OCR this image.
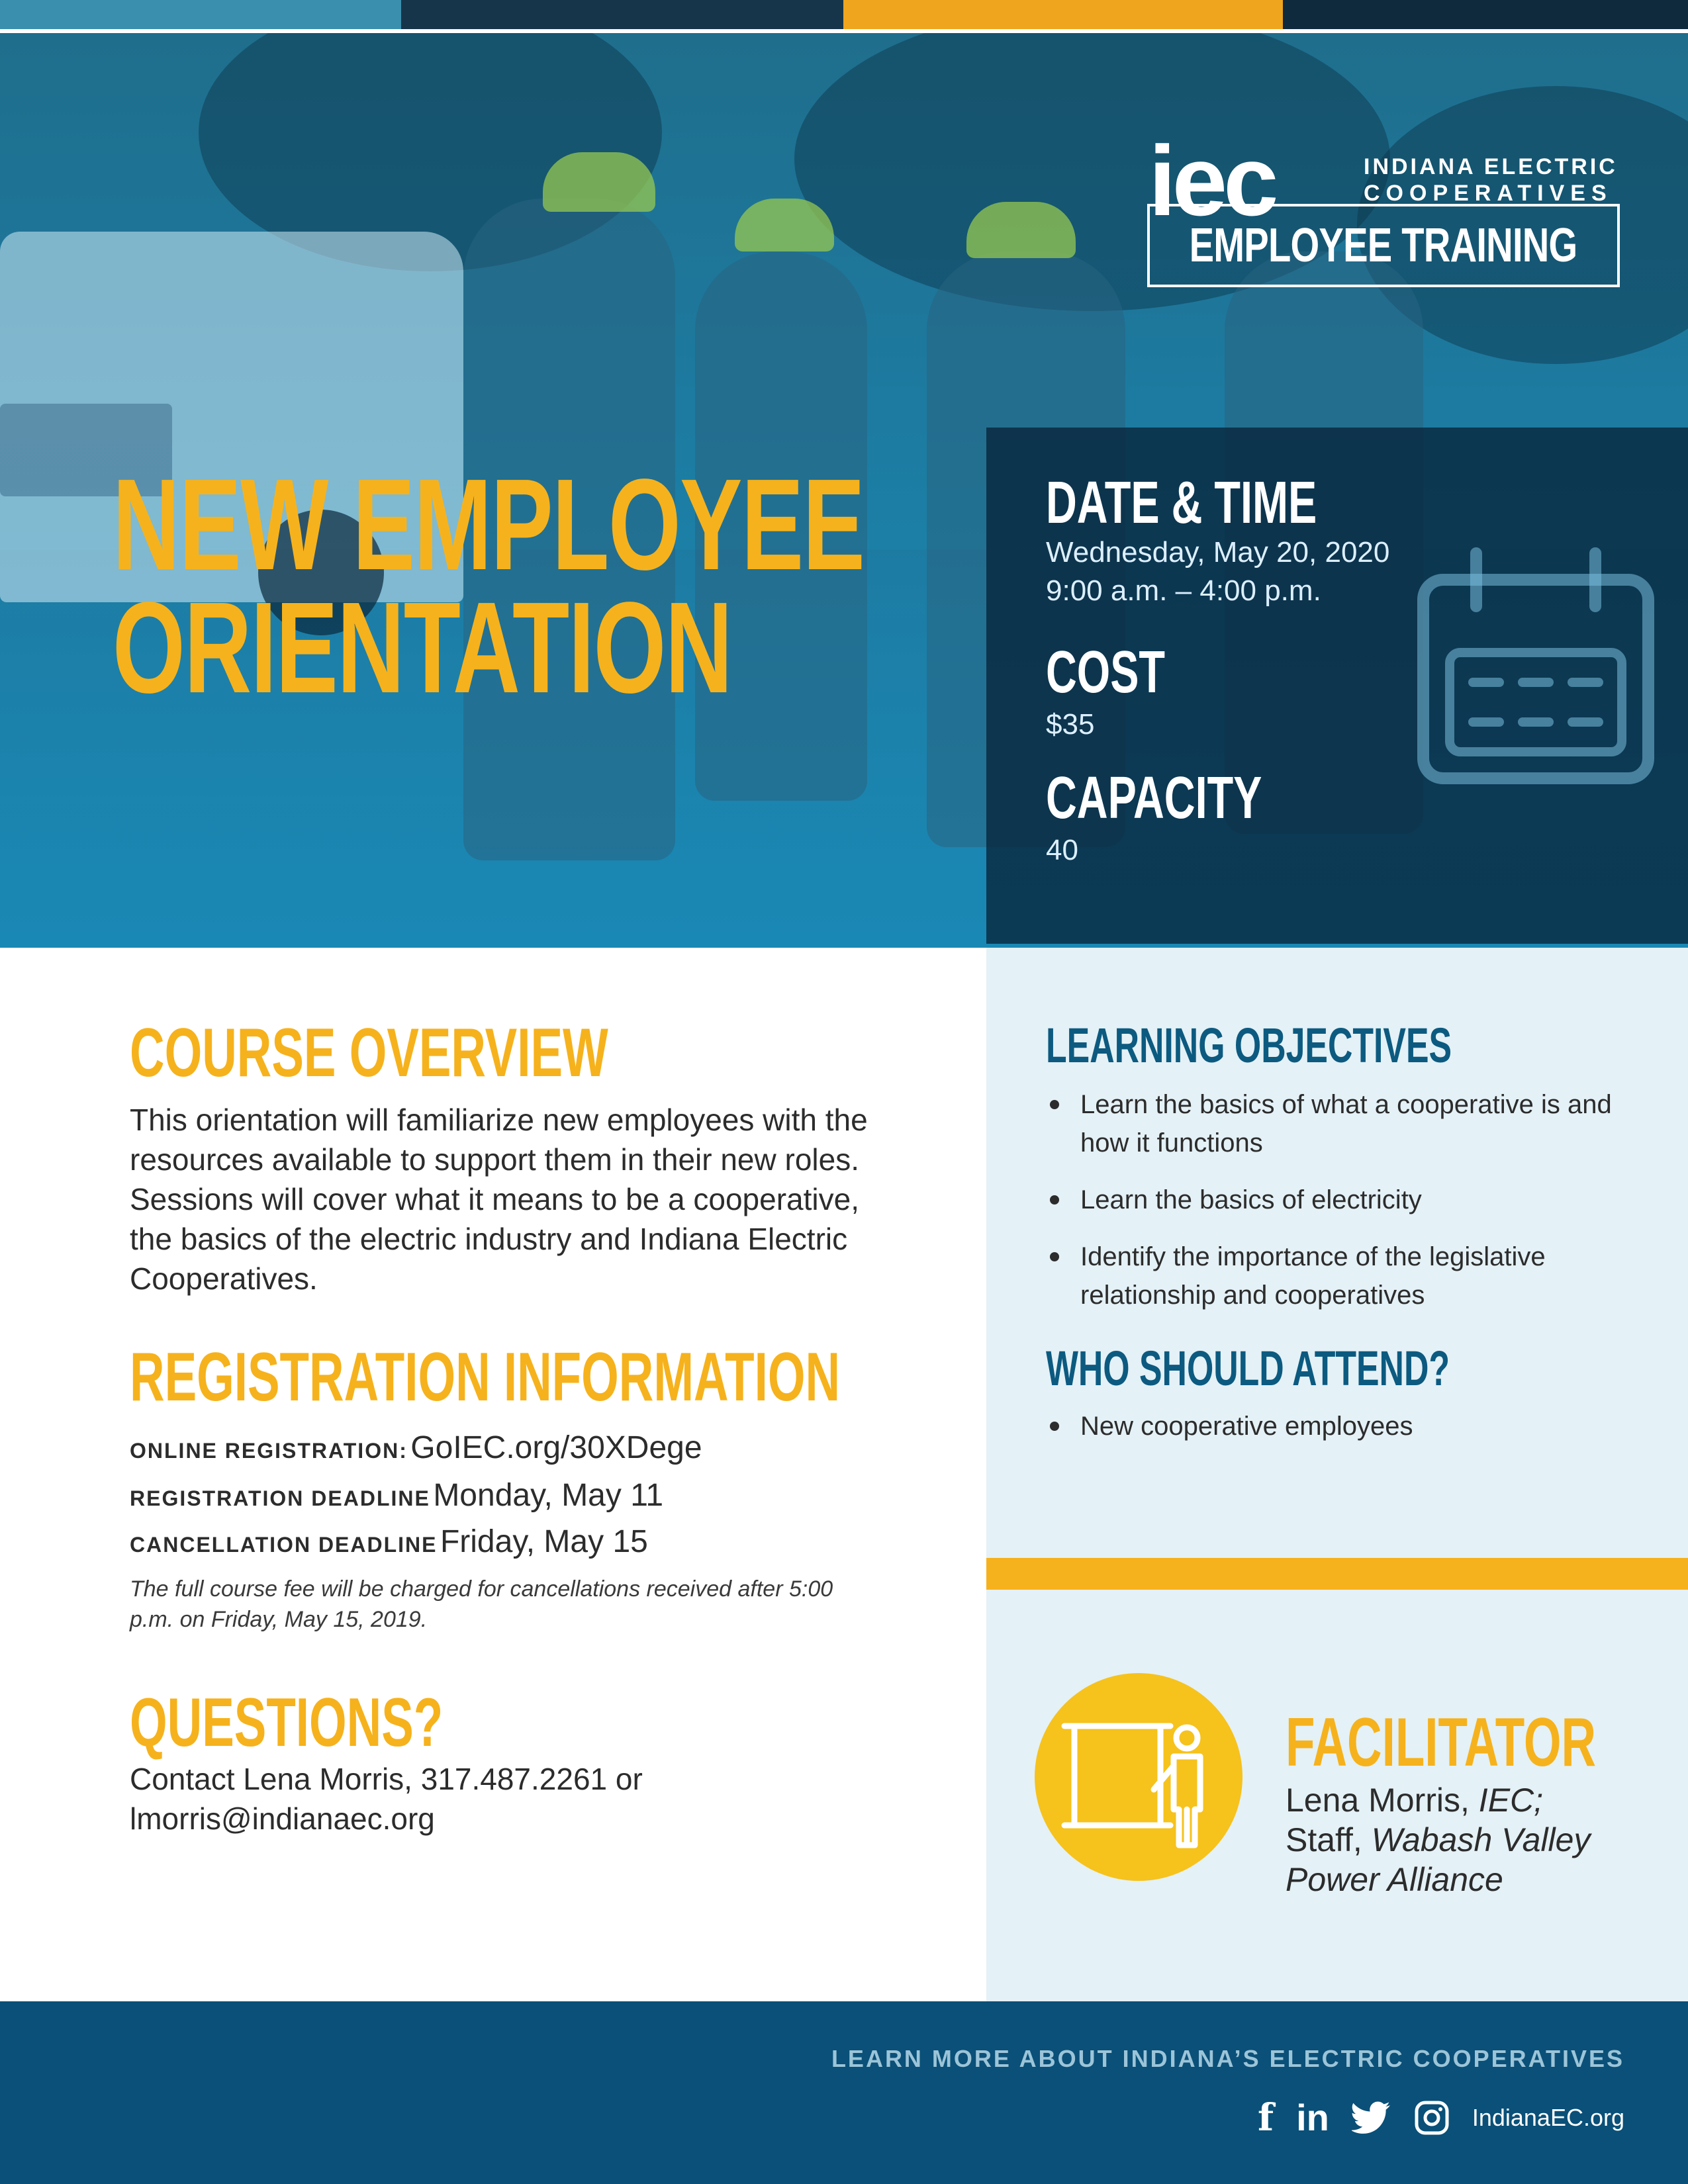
iec	INDIANA ELECTRIC
COOPERATIVES
EMPLOYEE TRAINING
NEW EMPLOYEE
ORIENTATION
DATE & TIME
Wednesday, May 20, 2020
9:00 a.m. – 4:00 p.m.
COST
$35
CAPACITY
40
COURSE OVERVIEW
This orientation will familiarize new employees with the resources available to support them in their new roles. Sessions will cover what it means to be a cooperative, the basics of the electric industry and Indiana Electric Cooperatives.
REGISTRATION INFORMATION
ONLINE REGISTRATION: GoIEC.org/30XDege
REGISTRATION DEADLINE Monday, May 11
CANCELLATION DEADLINE Friday, May 15
The full course fee will be charged for cancellations received after 5:00 p.m. on Friday, May 15, 2019.
QUESTIONS?
Contact Lena Morris, 317.487.2261 or lmorris@indianaec.org
LEARNING OBJECTIVES
Learn the basics of what a cooperative is and how it functions
Learn the basics of electricity
Identify the importance of the legislative relationship and cooperatives
WHO SHOULD ATTEND?
New cooperative employees
FACILITATOR
Lena Morris, IEC;
Staff, Wabash Valley Power Alliance
LEARN MORE ABOUT INDIANA’S ELECTRIC COOPERATIVES
f in	IndianaEC.org
